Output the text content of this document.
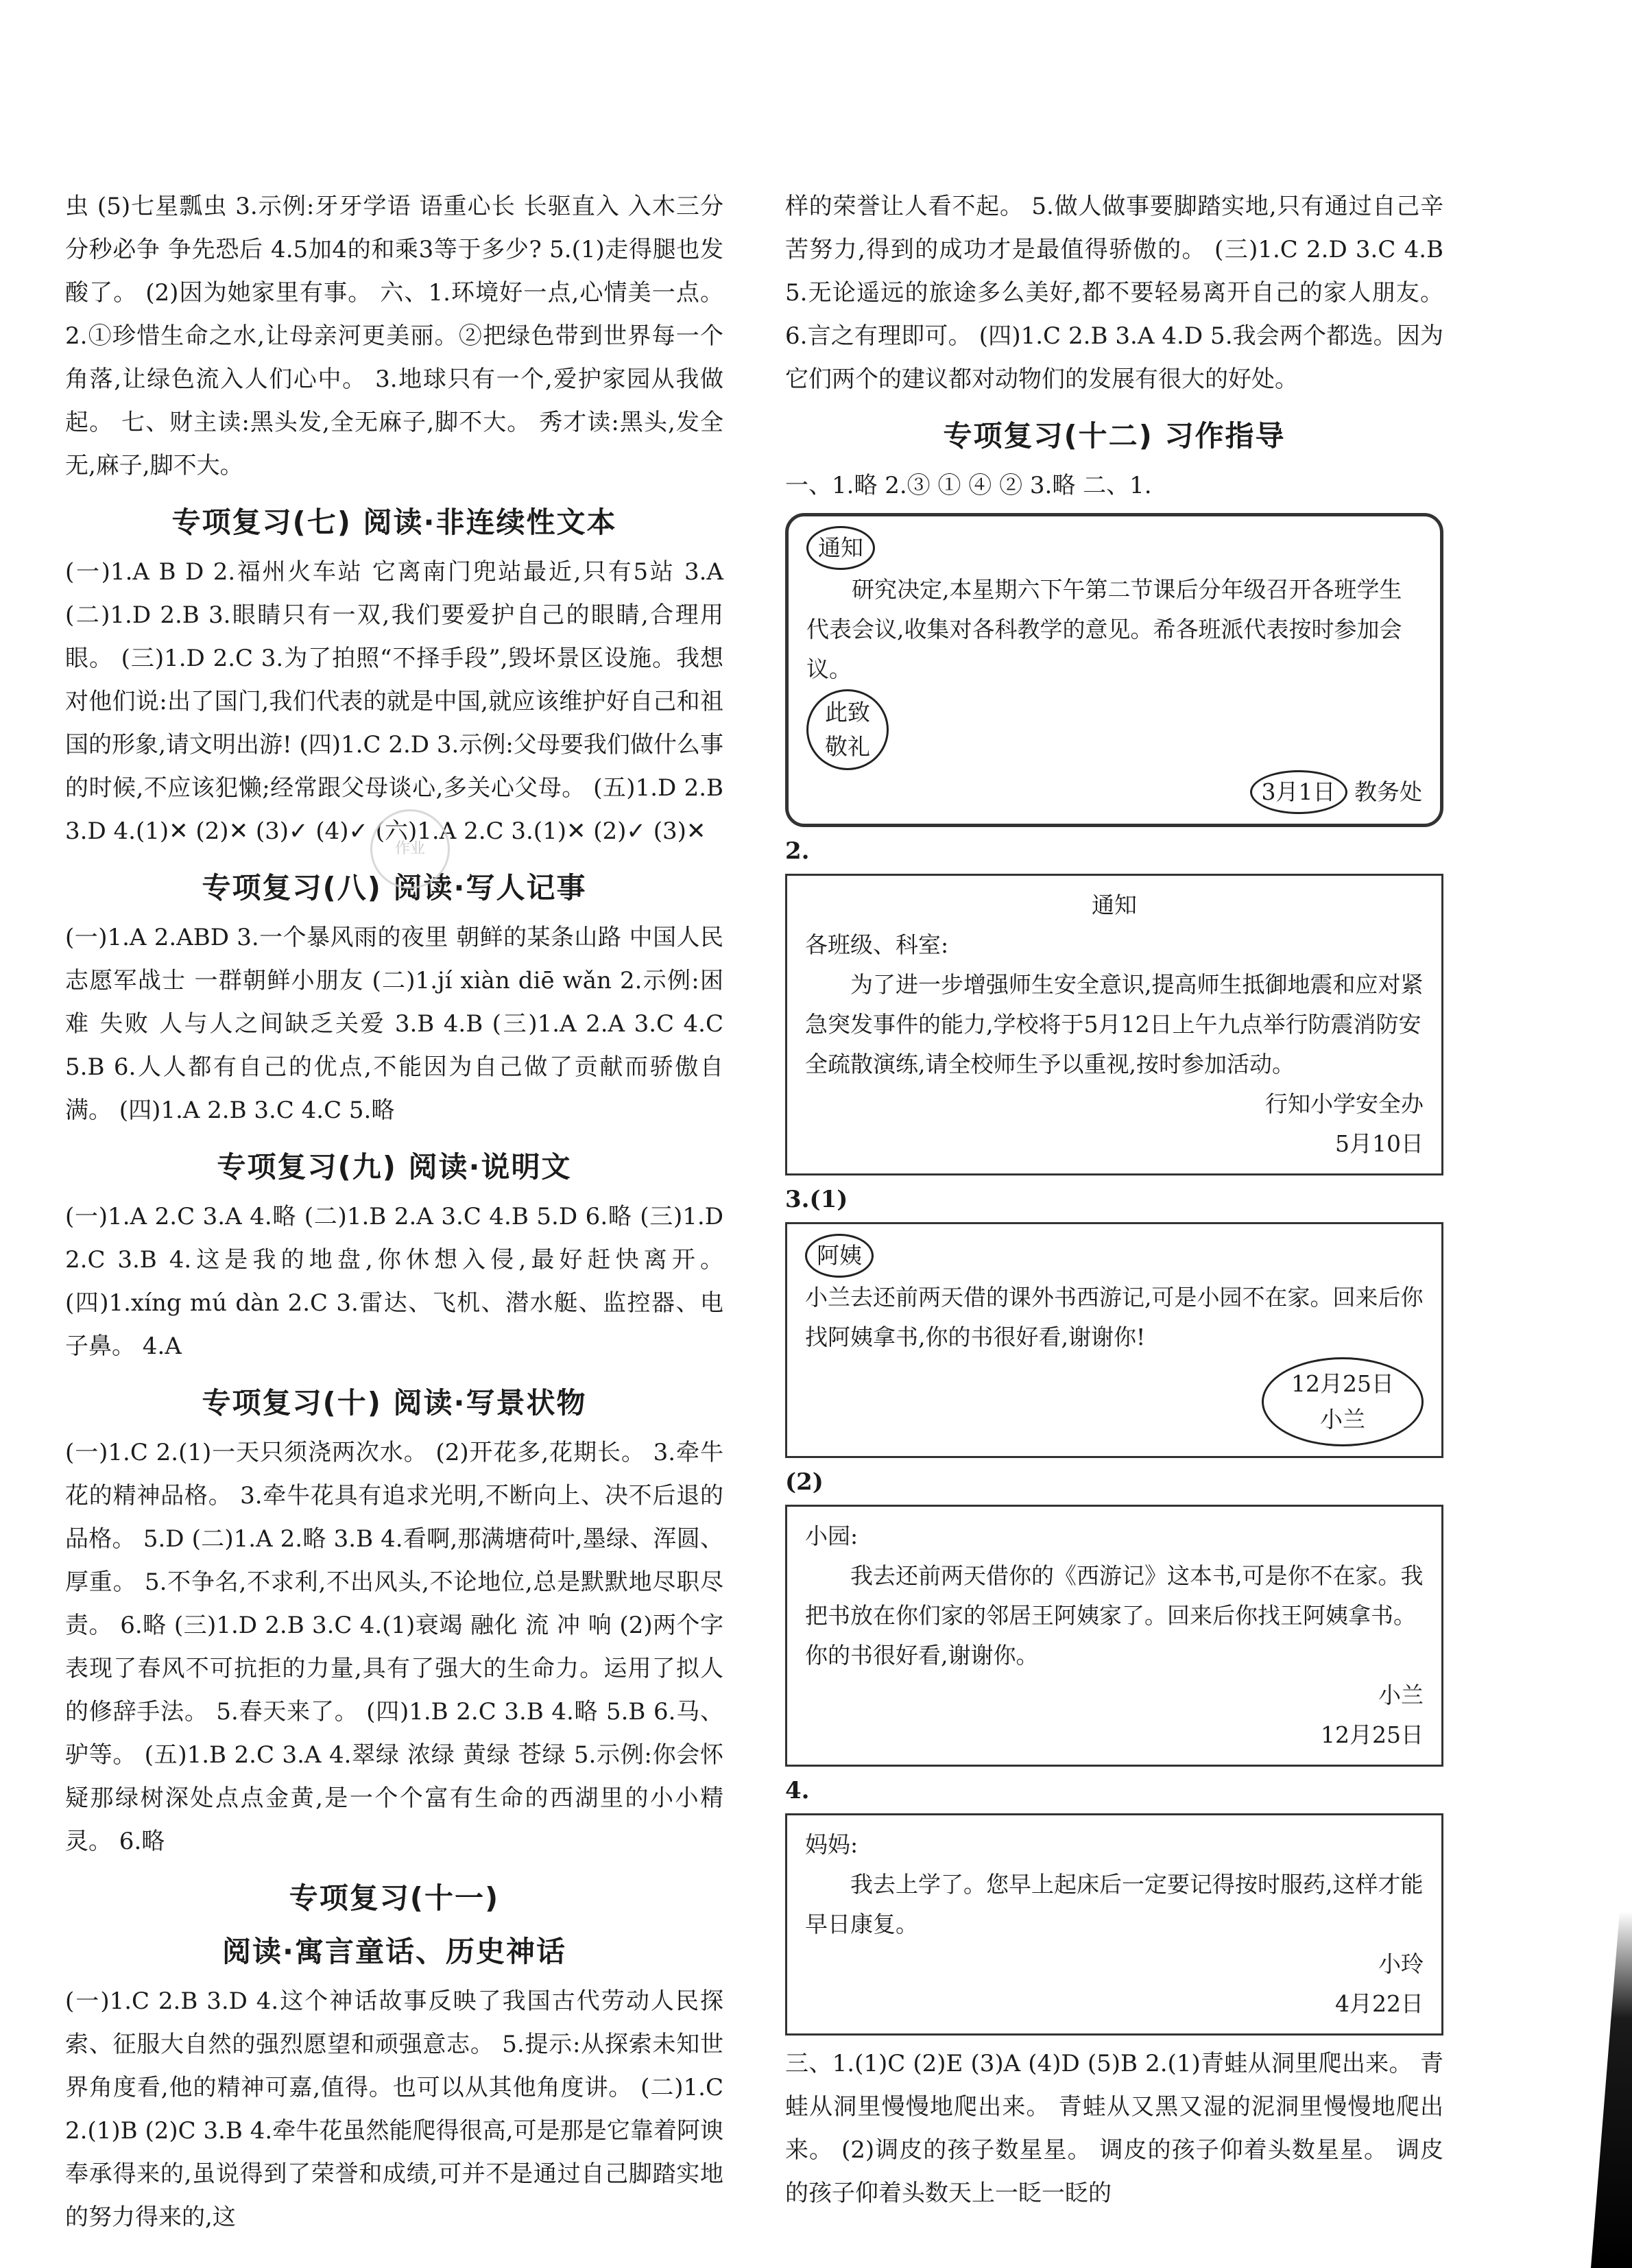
虫 (5)七星瓢虫 3.示例:牙牙学语 语重心长 长驱直入 入木三分 分秒必争 争先恐后 4.5加4的和乘3等于多少? 5.(1)走得腿也发酸了。 (2)因为她家里有事。 六、1.环境好一点,心情美一点。 2.①珍惜生命之水,让母亲河更美丽。②把绿色带到世界每一个角落,让绿色流入人们心中。 3.地球只有一个,爱护家园从我做起。 七、财主读:黑头发,全无麻子,脚不大。 秀才读:黑头,发全无,麻子,脚不大。

专项复习(七) 阅读·非连续性文本

(一)1.A B D 2.福州火车站 它离南门兜站最近,只有5站 3.A (二)1.D 2.B 3.眼睛只有一双,我们要爱护自己的眼睛,合理用眼。 (三)1.D 2.C 3.为了拍照“不择手段”,毁坏景区设施。我想对他们说:出了国门,我们代表的就是中国,就应该维护好自己和祖国的形象,请文明出游! (四)1.C 2.D 3.示例:父母要我们做什么事的时候,不应该犯懒;经常跟父母谈心,多关心父母。 (五)1.D 2.B 3.D 4.(1)✕ (2)✕ (3)✓ (4)✓ (六)1.A 2.C 3.(1)✕ (2)✓ (3)✕

专项复习(八) 阅读·写人记事

(一)1.A 2.ABD 3.一个暴风雨的夜里 朝鲜的某条山路 中国人民志愿军战士 一群朝鲜小朋友 (二)1.jí xiàn diē wǎn 2.示例:困难 失败 人与人之间缺乏关爱 3.B 4.B (三)1.A 2.A 3.C 4.C 5.B 6.人人都有自己的优点,不能因为自己做了贡献而骄傲自满。 (四)1.A 2.B 3.C 4.C 5.略

专项复习(九) 阅读·说明文

(一)1.A 2.C 3.A 4.略 (二)1.B 2.A 3.C 4.B 5.D 6.略 (三)1.D 2.C 3.B 4.这是我的地盘,你休想入侵,最好赶快离开。 (四)1.xíng mú dàn 2.C 3.雷达、飞机、潜水艇、监控器、电子鼻。 4.A

专项复习(十) 阅读·写景状物

(一)1.C 2.(1)一天只须浇两次水。 (2)开花多,花期长。 3.牵牛花的精神品格。 3.牵牛花具有追求光明,不断向上、决不后退的品格。 5.D (二)1.A 2.略 3.B 4.看啊,那满塘荷叶,墨绿、浑圆、厚重。 5.不争名,不求利,不出风头,不论地位,总是默默地尽职尽责。 6.略 (三)1.D 2.B 3.C 4.(1)衰竭 融化 流 冲 响 (2)两个字表现了春风不可抗拒的力量,具有了强大的生命力。运用了拟人的修辞手法。 5.春天来了。 (四)1.B 2.C 3.B 4.略 5.B 6.马、驴等。 (五)1.B 2.C 3.A 4.翠绿 浓绿 黄绿 苍绿 5.示例:你会怀疑那绿树深处点点金黄,是一个个富有生命的西湖里的小小精灵。 6.略

专项复习(十一)
阅读·寓言童话、历史神话

(一)1.C 2.B 3.D 4.这个神话故事反映了我国古代劳动人民探索、征服大自然的强烈愿望和顽强意志。 5.提示:从探索未知世界角度看,他的精神可嘉,值得。也可以从其他角度讲。 (二)1.C 2.(1)B (2)C 3.B 4.牵牛花虽然能爬得很高,可是那是它靠着阿谀奉承得来的,虽说得到了荣誉和成绩,可并不是通过自己脚踏实地的努力得来的,这

作业

样的荣誉让人看不起。 5.做人做事要脚踏实地,只有通过自己辛苦努力,得到的成功才是最值得骄傲的。 (三)1.C 2.D 3.C 4.B 5.无论遥远的旅途多么美好,都不要轻易离开自己的家人朋友。 6.言之有理即可。 (四)1.C 2.B 3.A 4.D 5.我会两个都选。因为它们两个的建议都对动物们的发展有很大的好处。

专项复习(十二) 习作指导

一、1.略 2.③ ① ④ ② 3.略 二、1.

通知
研究决定,本星期六下午第二节课后分年级召开各班学生代表会议,收集对各科教学的意见。希各班派代表按时参加会议。
此致
敬礼
3月1日 教务处
2.
通知
各班级、科室:
为了进一步增强师生安全意识,提高师生抵御地震和应对紧急突发事件的能力,学校将于5月12日上午九点举行防震消防安全疏散演练,请全校师生予以重视,按时参加活动。
行知小学安全办
5月10日
3.(1)
阿姨
小兰去还前两天借的课外书西游记,可是小园不在家。回来后你找阿姨拿书,你的书很好看,谢谢你!
12月25日
小兰
(2)
小园:
我去还前两天借你的《西游记》这本书,可是你不在家。我把书放在你们家的邻居王阿姨家了。回来后你找王阿姨拿书。你的书很好看,谢谢你。
小兰
12月25日
4.
妈妈:
我去上学了。您早上起床后一定要记得按时服药,这样才能早日康复。
小玲
4月22日

三、1.(1)C (2)E (3)A (4)D (5)B 2.(1)青蛙从洞里爬出来。 青蛙从洞里慢慢地爬出来。 青蛙从又黑又湿的泥洞里慢慢地爬出来。 (2)调皮的孩子数星星。 调皮的孩子仰着头数星星。 调皮的孩子仰着头数天上一眨一眨的
